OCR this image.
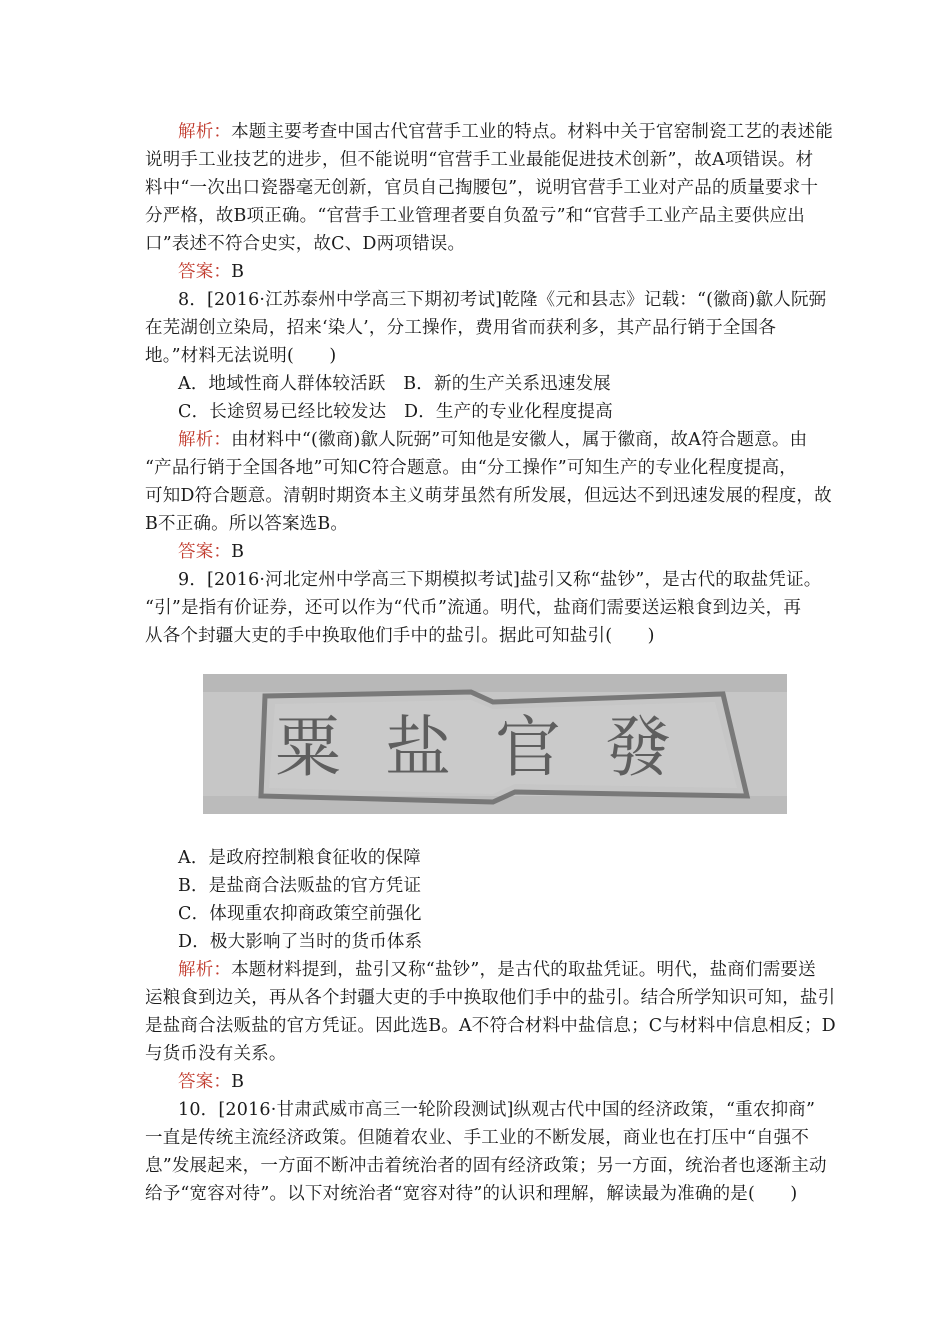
解析：本题主要考查中国古代官营手工业的特点。材料中关于官窑制瓷工艺的表述能
说明手工业技艺的进步，但不能说明“官营手工业最能促进技术创新”，故A项错误。材
料中“一次出口瓷器毫无创新，官员自己掏腰包”，说明官营手工业对产品的质量要求十
分严格，故B项正确。“官营手工业管理者要自负盈亏”和“官营手工业产品主要供应出
口”表述不符合史实，故C、D两项错误。
答案：B
8．[2016·江苏泰州中学高三下期初考试]乾隆《元和县志》记载：“(徽商)歙人阮弼
在芜湖创立染局，招来‘染人’，分工操作，费用省而获利多，其产品行销于全国各
地。”材料无法说明(　　)
A．地域性商人群体较活跃　B．新的生产关系迅速发展
C．长途贸易已经比较发达　D．生产的专业化程度提高
解析：由材料中“(徽商)歙人阮弼”可知他是安徽人，属于徽商，故A符合题意。由
“产品行销于全国各地”可知C符合题意。由“分工操作”可知生产的专业化程度提高，
可知D符合题意。清朝时期资本主义萌芽虽然有所发展，但远达不到迅速发展的程度，故
B不正确。所以答案选B。
答案：B
9．[2016·河北定州中学高三下期模拟考试]盐引又称“盐钞”，是古代的取盐凭证。
“引”是指有价证券，还可以作为“代币”流通。明代，盐商们需要送运粮食到边关，再
从各个封疆大吏的手中换取他们手中的盐引。据此可知盐引(　　)
粟盐官發
A．是政府控制粮食征收的保障
B．是盐商合法贩盐的官方凭证
C．体现重农抑商政策空前强化
D．极大影响了当时的货币体系
解析：本题材料提到，盐引又称“盐钞”，是古代的取盐凭证。明代，盐商们需要送
运粮食到边关，再从各个封疆大吏的手中换取他们手中的盐引。结合所学知识可知，盐引
是盐商合法贩盐的官方凭证。因此选B。A不符合材料中盐信息；C与材料中信息相反；D
与货币没有关系。
答案：B
10．[2016·甘肃武威市高三一轮阶段测试]纵观古代中国的经济政策，“重农抑商”
一直是传统主流经济政策。但随着农业、手工业的不断发展，商业也在打压中“自强不
息”发展起来，一方面不断冲击着统治者的固有经济政策；另一方面，统治者也逐渐主动
给予“宽容对待”。以下对统治者“宽容对待”的认识和理解，解读最为准确的是(　　)
